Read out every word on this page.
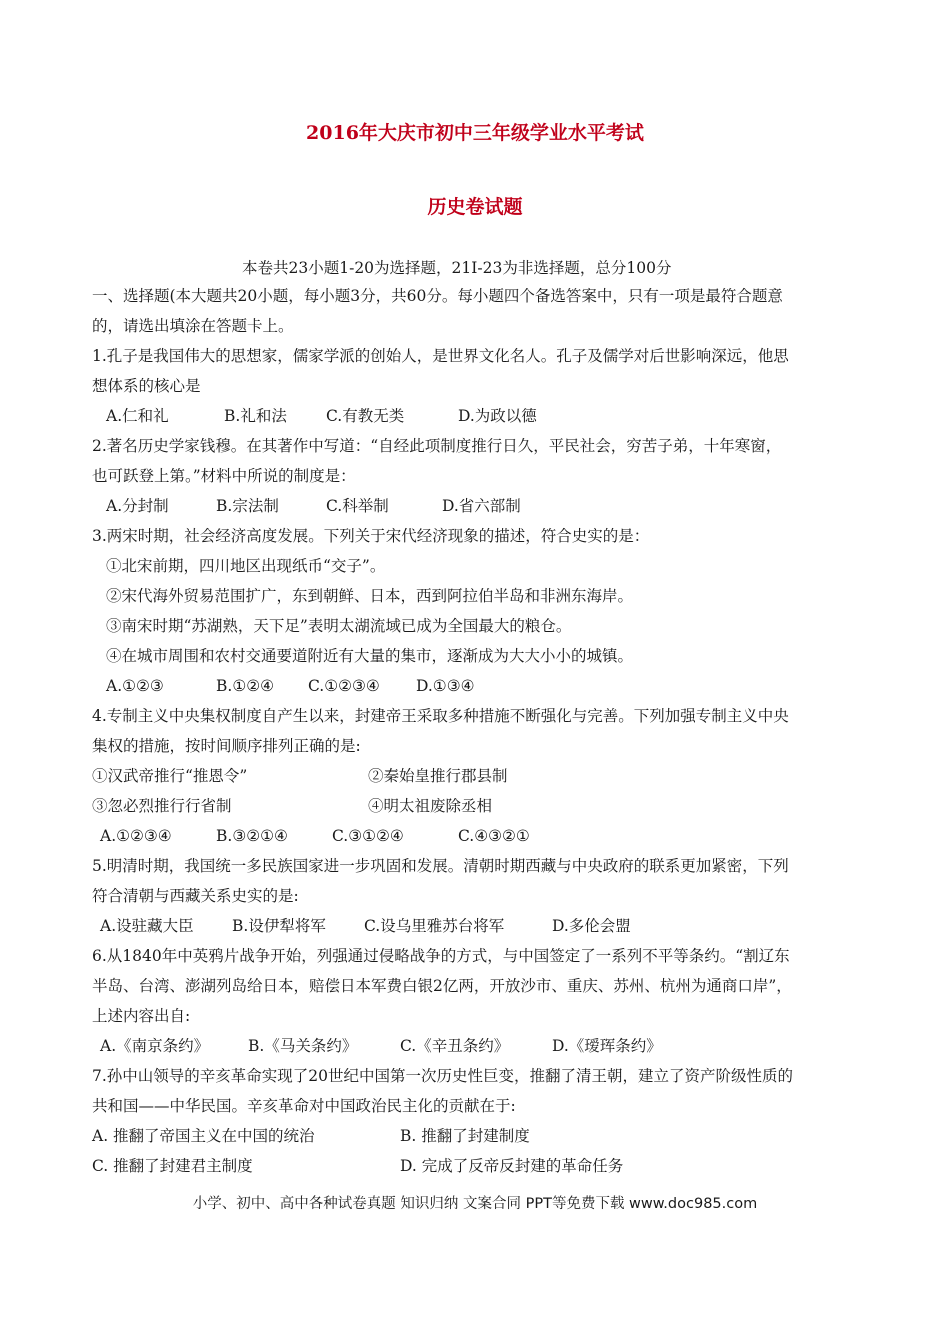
2016年大庆市初中三年级学业水平考试
历史卷试题
本卷共23小题1-20为选择题，21I-23为非选择题，总分100分
一、选择题(本大题共20小题，每小题3分，共60分。每小题四个备选答案中，只有一项是最符合题意
的，请选出填涂在答题卡上。
1.孔子是我国伟大的思想家，儒家学派的创始人，是世界文化名人。孔子及儒学对后世影响深远，他思
想体系的核心是
A.仁和礼	B.礼和法	C.有教无类	D.为政以德
2.著名历史学家钱穆。在其著作中写道：“自经此项制度推行日久，平民社会，穷苦子弟，十年寒窗，
也可跃登上第。”材料中所说的制度是：
A.分封制	B.宗法制	C.科举制	D.省六部制
3.两宋时期，社会经济高度发展。下列关于宋代经济现象的描述，符合史实的是：
①北宋前期，四川地区出现纸币“交子”。
②宋代海外贸易范围扩广，东到朝鲜、日本，西到阿拉伯半岛和非洲东海岸。
③南宋时期“苏湖熟，天下足”表明太湖流域已成为全国最大的粮仓。
④在城市周围和农村交通要道附近有大量的集市，逐渐成为大大小小的城镇。
A.①②③	B.①②④ C.①②③④ D.①③④
4.专制主义中央集权制度自产生以来，封建帝王采取多种措施不断强化与完善。下列加强专制主义中央
集权的措施，按时间顺序排列正确的是:
①汉武帝推行“推恩令”	②秦始皇推行郡县制
③忽必烈推行行省制	④明太祖废除丞相
A.①②③④	B.③②①④	C.③①②④	C.④③②①
5.明清时期，我国统一多民族国家进一步巩固和发展。清朝时期西藏与中央政府的联系更加紧密，下列
符合清朝与西藏关系史实的是:
A.设驻藏大臣 B.设伊犁将军 C.设乌里雅苏台将军	D.多伦会盟
6.从1840年中英鸦片战争开始，列强通过侵略战争的方式，与中国签定了一系列不平等条约。“割辽东
半岛、台湾、澎湖列岛给日本，赔偿日本军费白银2亿两，开放沙市、重庆、苏州、杭州为通商口岸”，
上述内容出自:
A.《南京条约》	B.《马关条约》	C.《辛丑条约》	D.《瑷珲条约》
7.孙中山领导的辛亥革命实现了20世纪中国第一次历史性巨变，推翻了清王朝，建立了资产阶级性质的
共和国——中华民国。辛亥革命对中国政治民主化的贡献在于:
A. 推翻了帝国主义在中国的统治	B. 推翻了封建制度
C. 推翻了封建君主制度	D. 完成了反帝反封建的革命任务
小学、初中、高中各种试卷真题 知识归纳 文案合同 PPT等免费下载 www.doc985.com
